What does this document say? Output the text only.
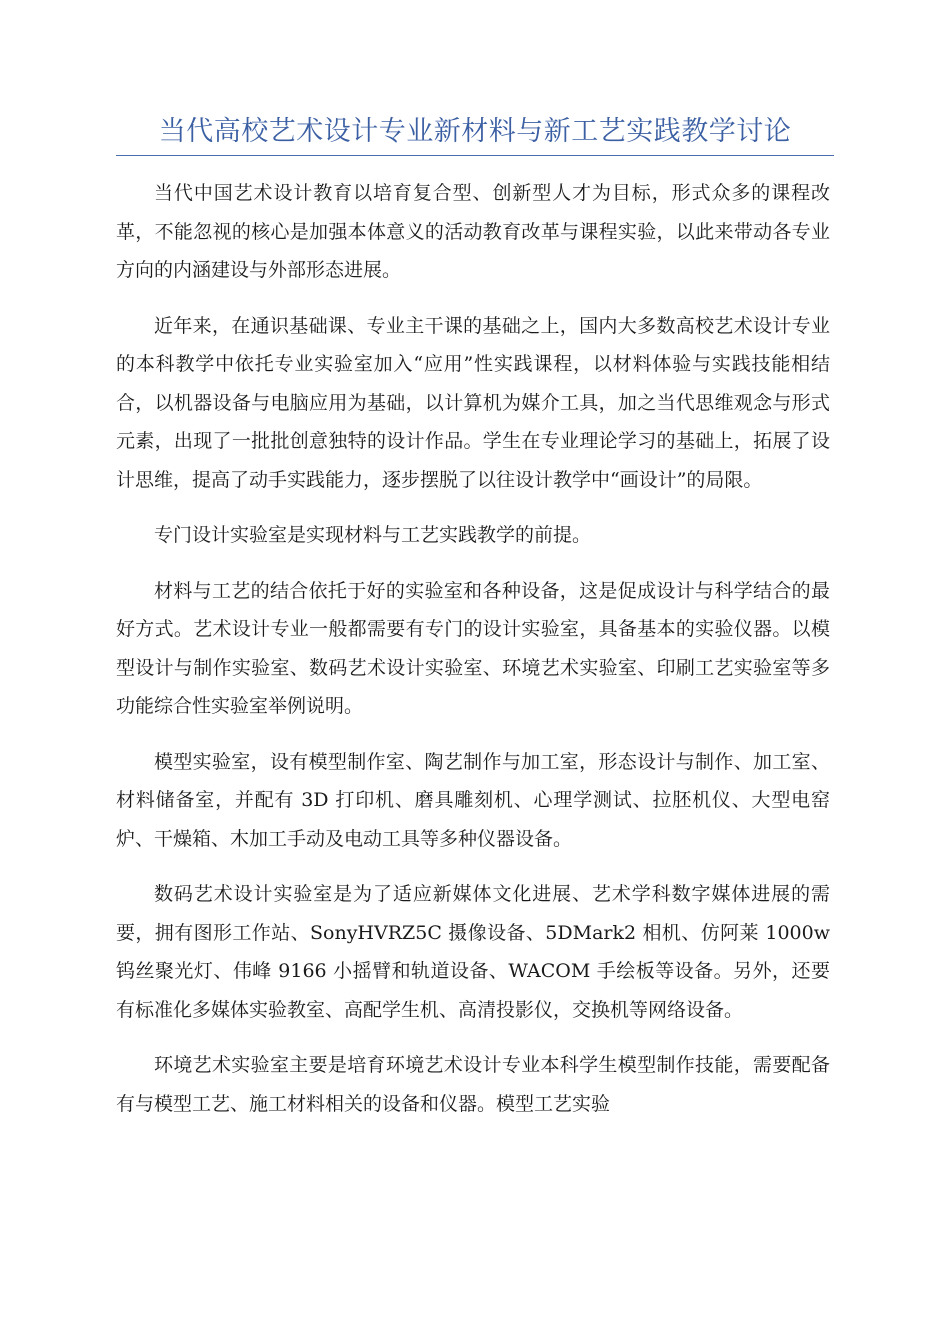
当代高校艺术设计专业新材料与新工艺实践教学讨论

当代中国艺术设计教育以培育复合型、创新型人才为目标，形式众多的课程改革，不能忽视的核心是加强本体意义的活动教育改革与课程实验，以此来带动各专业方向的内涵建设与外部形态进展。

近年来，在通识基础课、专业主干课的基础之上，国内大多数高校艺术设计专业的本科教学中依托专业实验室加入“应用”性实践课程，以材料体验与实践技能相结合，以机器设备与电脑应用为基础，以计算机为媒介工具，加之当代思维观念与形式元素，出现了一批批创意独特的设计作品。学生在专业理论学习的基础上，拓展了设计思维，提高了动手实践能力，逐步摆脱了以往设计教学中“画设计”的局限。

专门设计实验室是实现材料与工艺实践教学的前提。

材料与工艺的结合依托于好的实验室和各种设备，这是促成设计与科学结合的最好方式。艺术设计专业一般都需要有专门的设计实验室，具备基本的实验仪器。以模型设计与制作实验室、数码艺术设计实验室、环境艺术实验室、印刷工艺实验室等多功能综合性实验室举例说明。

模型实验室，设有模型制作室、陶艺制作与加工室，形态设计与制作、加工室、材料储备室，并配有 3D 打印机、磨具雕刻机、心理学测试、拉胚机仪、大型电窑炉、干燥箱、木加工手动及电动工具等多种仪器设备。

数码艺术设计实验室是为了适应新媒体文化进展、艺术学科数字媒体进展的需要，拥有图形工作站、SonyHVRZ5C 摄像设备、5DMark2 相机、仿阿莱 1000w 钨丝聚光灯、伟峰 9166 小摇臂和轨道设备、WACOM 手绘板等设备。另外，还要有标准化多媒体实验教室、高配学生机、高清投影仪，交换机等网络设备。

环境艺术实验室主要是培育环境艺术设计专业本科学生模型制作技能，需要配备有与模型工艺、施工材料相关的设备和仪器。模型工艺实验
